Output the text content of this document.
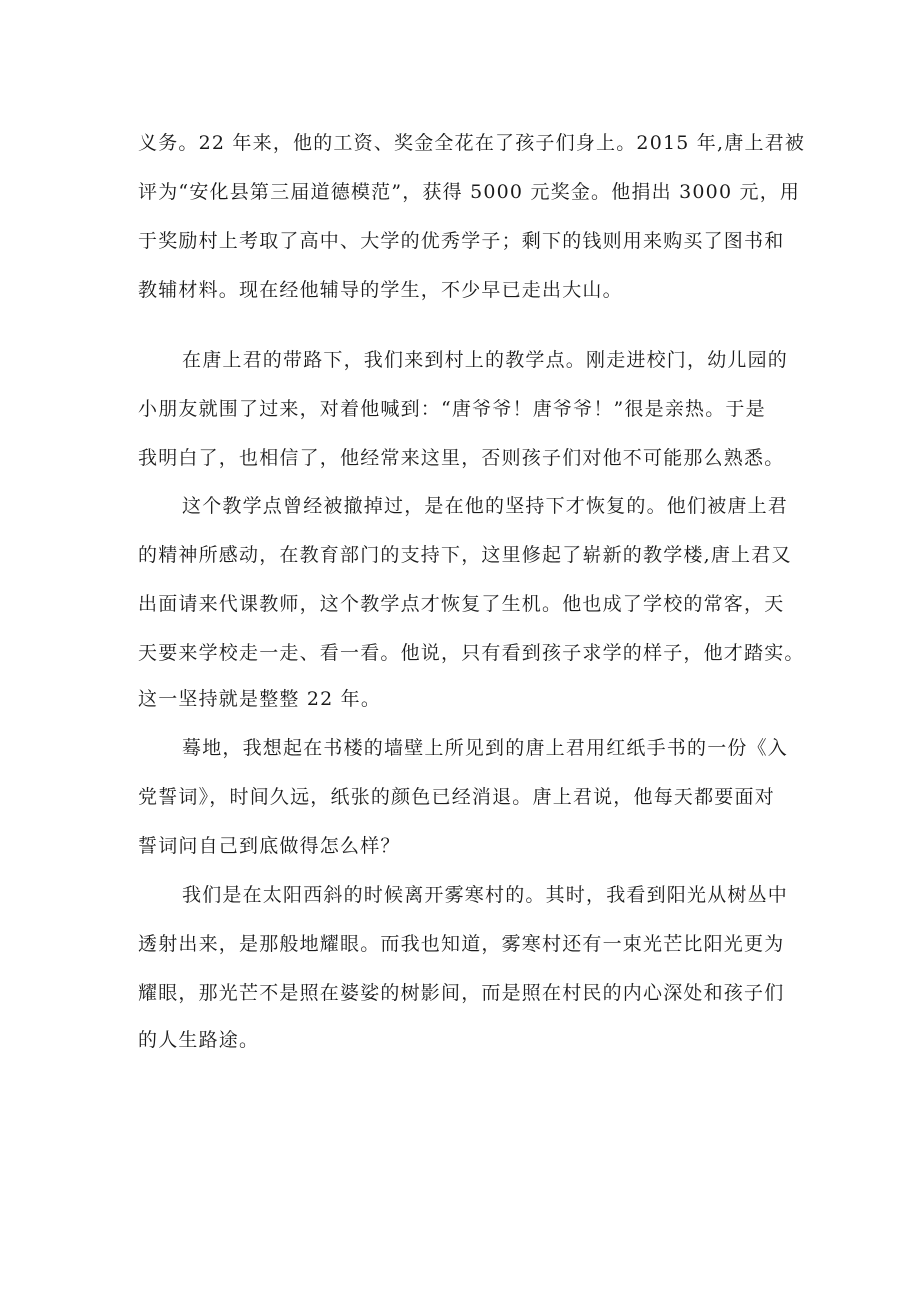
义务。22 年来，他的工资、奖金全花在了孩子们身上。2015 年,唐上君被
评为“安化县第三届道德模范”，获得 5000 元奖金。他捐出 3000 元，用
于奖励村上考取了高中、大学的优秀学子；剩下的钱则用来购买了图书和
教辅材料。现在经他辅导的学生，不少早已走出大山。
在唐上君的带路下，我们来到村上的教学点。刚走进校门，幼儿园的
小朋友就围了过来，对着他喊到：“唐爷爷！唐爷爷！”很是亲热。于是
我明白了，也相信了，他经常来这里，否则孩子们对他不可能那么熟悉。
这个教学点曾经被撤掉过，是在他的坚持下才恢复的。他们被唐上君
的精神所感动，在教育部门的支持下，这里修起了崭新的教学楼,唐上君又
出面请来代课教师，这个教学点才恢复了生机。他也成了学校的常客，天
天要来学校走一走、看一看。他说，只有看到孩子求学的样子，他才踏实。
这一坚持就是整整 22 年。
蓦地，我想起在书楼的墙壁上所见到的唐上君用红纸手书的一份《入
党誓词》，时间久远，纸张的颜色已经消退。唐上君说，他每天都要面对
誓词问自己到底做得怎么样？
我们是在太阳西斜的时候离开雾寒村的。其时，我看到阳光从树丛中
透射出来，是那般地耀眼。而我也知道，雾寒村还有一束光芒比阳光更为
耀眼，那光芒不是照在婆娑的树影间，而是照在村民的内心深处和孩子们
的人生路途。
